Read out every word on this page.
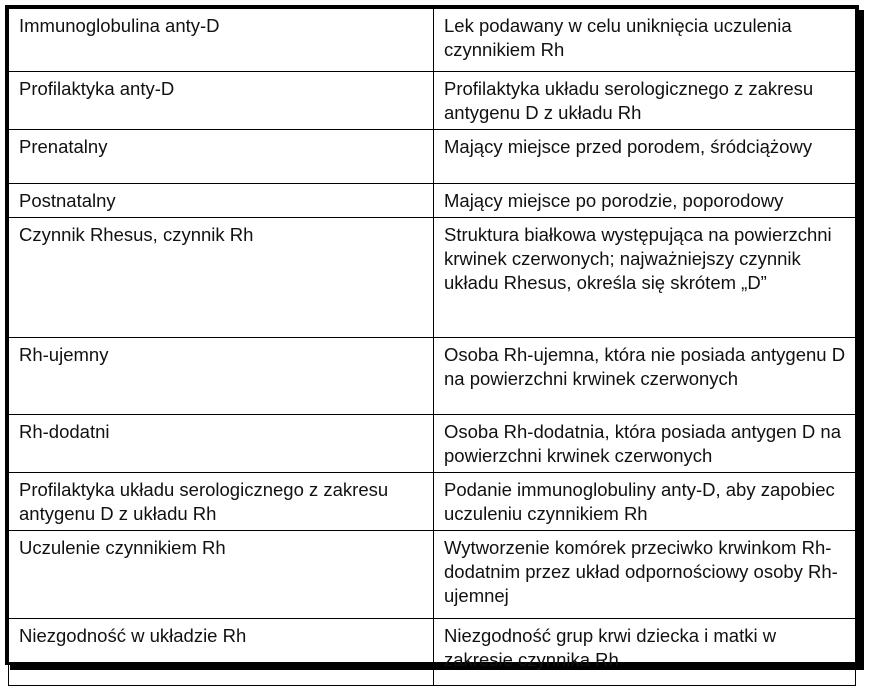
Immunoglobulina anty-D	Lek podawany w celu uniknięcia uczulenia czynnikiem Rh
Profilaktyka anty-D	Profilaktyka układu serologicznego z zakresu antygenu D z układu Rh
Prenatalny	Mający miejsce przed porodem, śródciążowy
Postnatalny	Mający miejsce po porodzie, poporodowy
Czynnik Rhesus, czynnik Rh	Struktura białkowa występująca na powierzchni krwinek czerwonych; najważniejszy czynnik układu Rhesus, określa się skrótem „D”
Rh-ujemny	Osoba Rh-ujemna, która nie posiada antygenu D na powierzchni krwinek czerwonych
Rh-dodatni	Osoba Rh-dodatnia, która posiada antygen D na powierzchni krwinek czerwonych
Profilaktyka układu serologicznego z zakresu antygenu D z układu Rh	Podanie immunoglobuliny anty-D, aby zapobiec uczuleniu czynnikiem Rh
Uczulenie czynnikiem Rh	Wytworzenie komórek przeciwko krwinkom Rh-dodatnim przez układ odpornościowy osoby Rh-ujemnej
Niezgodność w układzie Rh	Niezgodność grup krwi dziecka i matki w zakresie czynnika Rh
